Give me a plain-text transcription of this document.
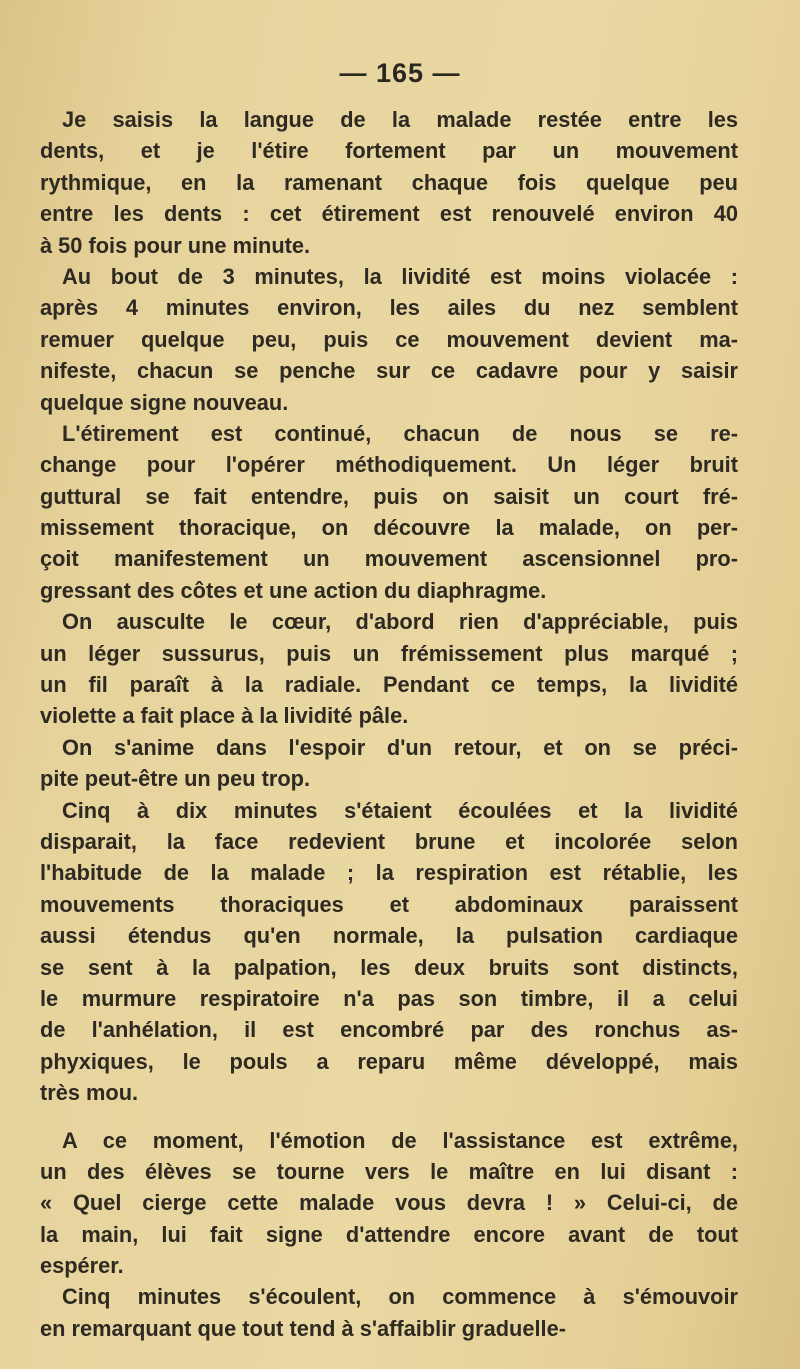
— 165 —
Je saisis la langue de la malade restée entre les
dents, et je l'étire fortement par un mouvement
rythmique, en la ramenant chaque fois quelque peu
entre les dents : cet étirement est renouvelé environ 40
à 50 fois pour une minute.
Au bout de 3 minutes, la lividité est moins violacée :
après 4 minutes environ, les ailes du nez semblent
remuer quelque peu, puis ce mouvement devient ma-
nifeste, chacun se penche sur ce cadavre pour y saisir
quelque signe nouveau.
L'étirement est continué, chacun de nous se re-
change pour l'opérer méthodiquement. Un léger bruit
guttural se fait entendre, puis on saisit un court fré-
missement thoracique, on découvre la malade, on per-
çoit manifestement un mouvement ascensionnel pro-
gressant des côtes et une action du diaphragme.
On ausculte le cœur, d'abord rien d'appréciable, puis
un léger sussurus, puis un frémissement plus marqué ;
un fil paraît à la radiale. Pendant ce temps, la lividité
violette a fait place à la lividité pâle.
On s'anime dans l'espoir d'un retour, et on se préci-
pite peut-être un peu trop.
Cinq à dix minutes s'étaient écoulées et la lividité
disparait, la face redevient brune et incolorée selon
l'habitude de la malade ; la respiration est rétablie, les
mouvements thoraciques et abdominaux paraissent
aussi étendus qu'en normale, la pulsation cardiaque
se sent à la palpation, les deux bruits sont distincts,
le murmure respiratoire n'a pas son timbre, il a celui
de l'anhélation, il est encombré par des ronchus as-
phyxiques, le pouls a reparu même développé, mais
très mou.
A ce moment, l'émotion de l'assistance est extrême,
un des élèves se tourne vers le maître en lui disant :
« Quel cierge cette malade vous devra ! » Celui-ci, de
la main, lui fait signe d'attendre encore avant de tout
espérer.
Cinq minutes s'écoulent, on commence à s'émouvoir
en remarquant que tout tend à s'affaiblir graduelle-
